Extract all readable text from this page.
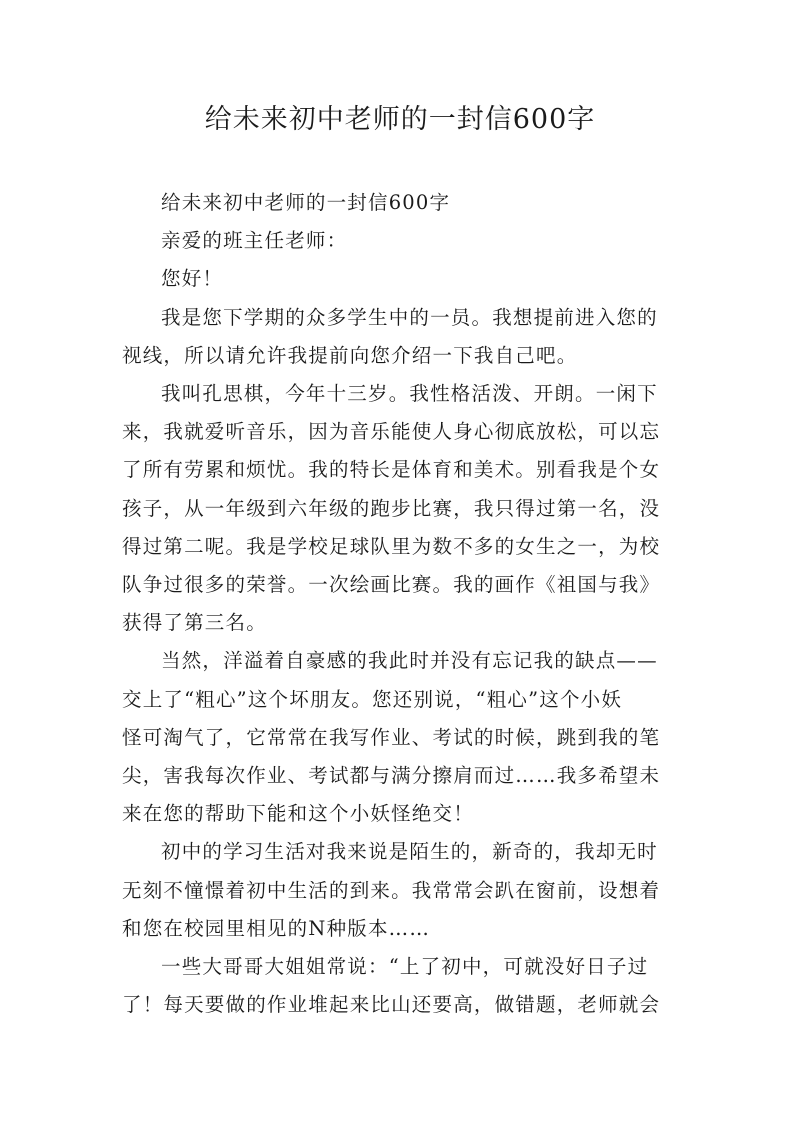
给未来初中老师的一封信600字

给未来初中老师的一封信600字

亲爱的班主任老师：

您好！

我是您下学期的众多学生中的一员。我想提前进入您的
视线，所以请允许我提前向您介绍一下我自己吧。

我叫孔思棋，今年十三岁。我性格活泼、开朗。一闲下
来，我就爱听音乐，因为音乐能使人身心彻底放松，可以忘
了所有劳累和烦忧。我的特长是体育和美术。别看我是个女
孩子，从一年级到六年级的跑步比赛，我只得过第一名，没
得过第二呢。我是学校足球队里为数不多的女生之一，为校
队争过很多的荣誉。一次绘画比赛。我的画作《祖国与我》
获得了第三名。

当然，洋溢着自豪感的我此时并没有忘记我的缺点——
交上了“粗心”这个坏朋友。您还别说，“粗心”这个小妖
怪可淘气了，它常常在我写作业、考试的时候，跳到我的笔
尖，害我每次作业、考试都与满分擦肩而过……我多希望未
来在您的帮助下能和这个小妖怪绝交！

初中的学习生活对我来说是陌生的，新奇的，我却无时
无刻不憧憬着初中生活的到来。我常常会趴在窗前，设想着
和您在校园里相见的N种版本……

一些大哥哥大姐姐常说：“上了初中，可就没好日子过
了！每天要做的作业堆起来比山还要高，做错题，老师就会
